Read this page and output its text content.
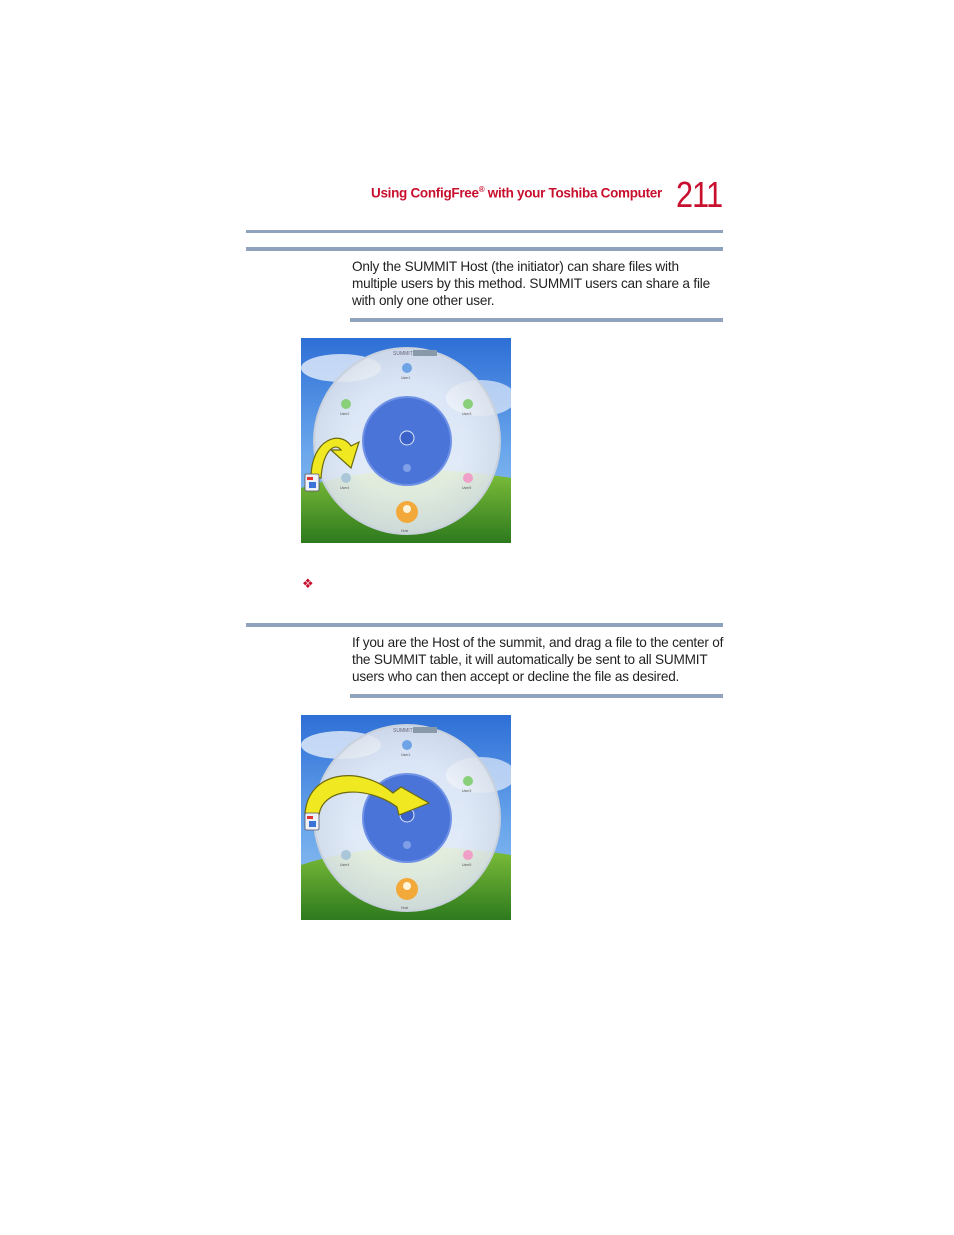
Using ConfigFree® with your Toshiba Computer 211
Only the SUMMIT Host (the initiator) can share files with multiple users by this method. SUMMIT users can share a file with only one other user.
SUMMIT
User1
User2	User3
User4	User5
Host
❖
If you are the Host of the summit, and drag a file to the center of the SUMMIT table, it will automatically be sent to all SUMMIT users who can then accept or decline the file as desired.
SUMMIT
User1
User3
User4	User5
Host
